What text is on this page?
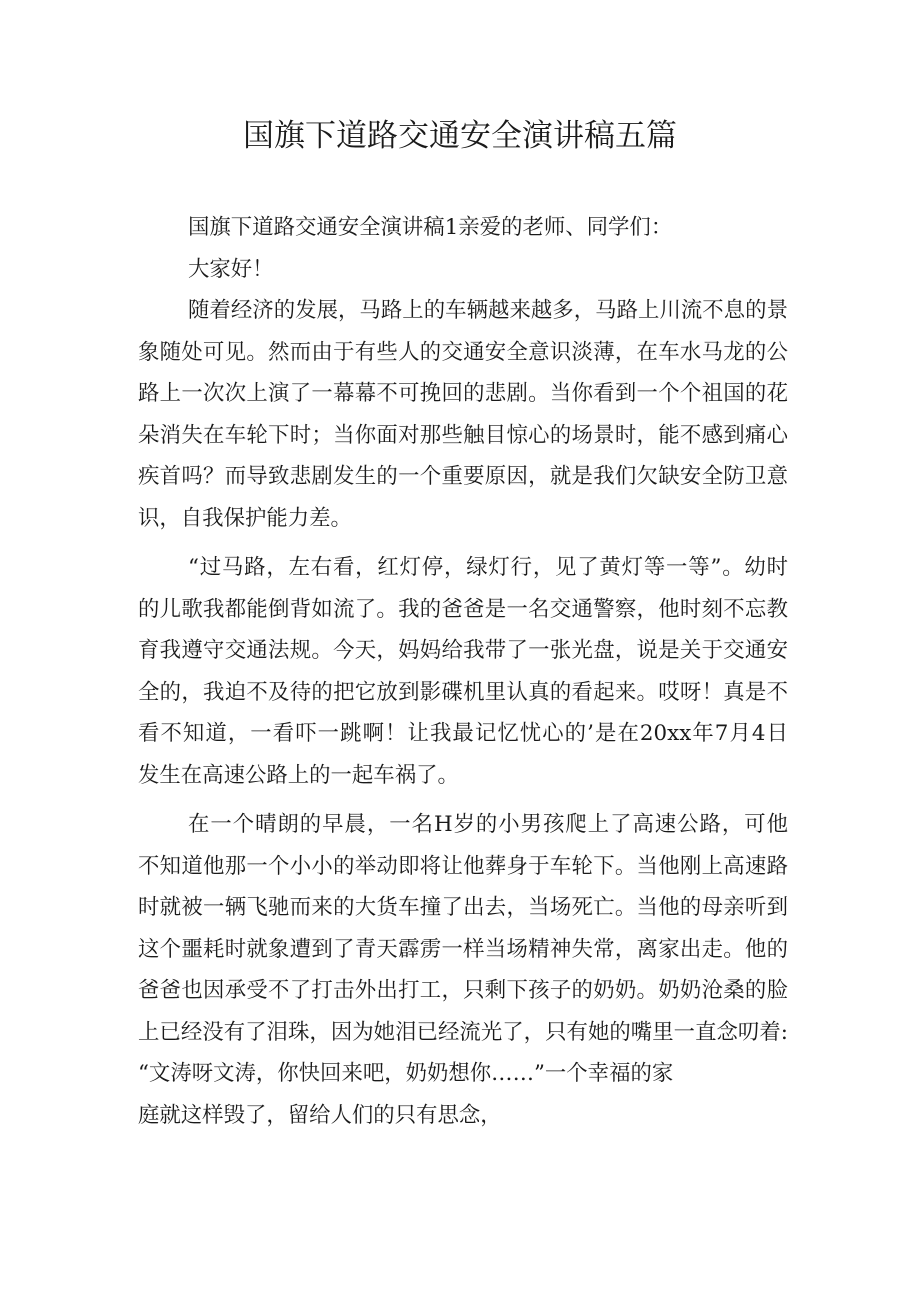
国旗下道路交通安全演讲稿五篇

国旗下道路交通安全演讲稿1亲爱的老师、同学们：

大家好！

随着经济的发展，马路上的车辆越来越多，马路上川流不息的景
象随处可见。然而由于有些人的交通安全意识淡薄，在车水马龙的公
路上一次次上演了一幕幕不可挽回的悲剧。当你看到一个个祖国的花
朵消失在车轮下时；当你面对那些触目惊心的场景时，能不感到痛心
疾首吗？而导致悲剧发生的一个重要原因，就是我们欠缺安全防卫意
识，自我保护能力差。

“过马路，左右看，红灯停，绿灯行，见了黄灯等一等”。幼时
的儿歌我都能倒背如流了。我的爸爸是一名交通警察，他时刻不忘教
育我遵守交通法规。今天，妈妈给我带了一张光盘，说是关于交通安
全的，我迫不及待的把它放到影碟机里认真的看起来。哎呀！真是不
看不知道，一看吓一跳啊！让我最记忆忧心的’是在20xx年7月4日
发生在高速公路上的一起车祸了。

在一个晴朗的早晨，一名H岁的小男孩爬上了高速公路，可他
不知道他那一个小小的举动即将让他葬身于车轮下。当他刚上高速路
时就被一辆飞驰而来的大货车撞了出去，当场死亡。当他的母亲听到
这个噩耗时就象遭到了青天霹雳一样当场精神失常，离家出走。他的
爸爸也因承受不了打击外出打工，只剩下孩子的奶奶。奶奶沧桑的脸
上已经没有了泪珠，因为她泪已经流光了，只有她的嘴里一直念叨着:
“文涛呀文涛，你快回来吧，奶奶想你……”一个幸福的家
庭就这样毁了，留给人们的只有思念，
